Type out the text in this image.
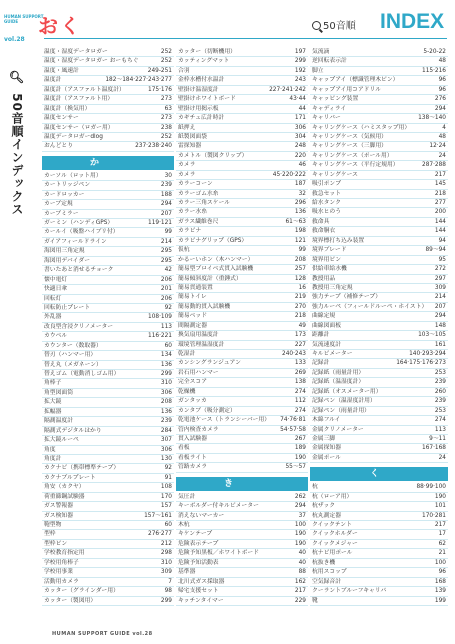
HUMAN SUPPORT GUIDE
vol.28
🔍︎ 50音順インデックス
おく	50音順 INDEX
温度・湿度データロガー	252
温度・湿度データロガー おーもちぐ	252
温度・風速計	249-251
温度計	182〜184·227·243·277
温度計（アスファルト温度計）	175·176
温度計（アスファルト用）	273
温度計（換気用）	63
温度センサー	273
温度センサー（ロガー用）	238
温度データロガーdlog	252
おんどとり	237·238·240
か
カーソル（ロット用）	30
カートリッジペン	239
カードロッカー	188
カーブ定規	294
カーブミラー	207
ガーミン（ハンディGPS）	119·121
カールイ（吸盤ハイブリ付）	99
ガイアフィールドライン	214
海図用三角定規	295
海図用デバイダー	295
書いたあと消せるチョーク	42
懐中電灯	206
快適日傘	201
回転灯	206
回転防止プレート	92
外乱器	108·109
改良型含浸クリノメーター	113
カウベル	116·221
カウンター（数取器）	60
替刃（ハンマー用）	134
替え丸（メガネーン）	136
替えゴム（電動消しゴム用）	299
角棒子	310
角型図面筒	306
拡大鏡	208
拡幅器	136
隔測温度計	239
隔測式デジタルはかり	284
拡大鏡ルーペ	307
角度	306
角度計	130
カクナビ（携帯標準テープ）	92
カクナブルプレート	91
角安（カクヤ）	108
荷重篩鋼試験器	170
ガス警報器	157
ガス検知器	157〜161
鞄型物	60
型枠	276·277
型枠ピン	212
学校教育指定用	298
学校用角棒子	310
学校用事業	309
活動用カメラ	7
カッター（グラインダー用）	98
カッター（製図用）	299
カッター（切断機用）	197
カッティングマット	299
合羽	192
金枠水槽付水温計	243
壁掛け温湿度計	227·241·242
壁掛けホワイトボード	43·44
壁掛け用掲示板	44
カギチェ広計時計	171
紙押え	306
紙製図面袋	304
雷探知器	248
カメトル（製図クリップ）	220
カメラ	46
カメラ	45·220·222
カラーコーン	187
カラーゴム水糸	32
カラー三角スケール	296
カラー水糸	136
ガラス繊維巻尺	61〜63
カラビナ	198
カラビナグリップ（GPS）	121
仮杭	99
かるーいホン（木ハンマー）	208
簡易型ブロイベ式貫入試験機	257
簡易傾斜度計（重錘式）	128
簡易貫通装置	16
簡易トイレ	219
簡易動的貫入試験機	270
簡易ベッド	218
間隔測定器	49
換気扇用温度計	173
環境管理温湿度計	227
乾湿計	240·243
カンシングランジュアン	133
岩石用ハンマー	269
完全スコア	138
乾燥機	274
ガンタッカ	112
カンタブ（吸分測定）	274
乾電池ケース（トランシーバー用） 74·76·81
管内検査カメラ	54·57·58
貫入試験器	267
看板	189
看板ライト	190
管路カメラ	55〜57
き
気圧計	262
キーボルダー付キルビメーター	294
消えないマーカー	37
木杭	100
キケンテープ	190
危険表示テープ	190
危険予知黒板／ホワイトボード	40
危険予知活動表	40
基準器	88
北川式ガス採取器	162
帰宅支援セット	217
キッチンタイマー	229
気流滴	5-20-22
逆回転表示計	48
脚立	115·216
キャップアイ（標識管理木ピン）	96
キャップアイ用コアドリル	96
キャッピング装置	276
キャディライ	294
キャリバー	138〜140
キャリングケース（ハミスタップ用）	4
キャリングケース（気候用）	48
キャリングケース（三脚用）	12·24
キャリングケース（ポール用）	24
キャリングケース（平行定規用）	287·288
キャリングケース	217
吸引ポンプ	145
救急セット	218
給水タンク	277
吸水ヒのう	200
救命具	144
救命胴衣	144
境界標打ち込み装置	94
境界ブレード	89〜94
境界用ピン	95
供給車給水機	272
教授用品	297
教授用三角定規	309
強力テープ（補修テープ）	214
強力ルーペ（フィールドルーペ・ホイスト） 207
曲線定規	294
曲線図面板	148
距離計	103〜105
気流速度計	161
キルビメーター	140·293·294
記録計	164·175·176·273
記録紙（雨量計用）	253
記録紙（温湿度計）	239
記録紙（オスメーター用）	260
記録ペン（温湿度計用）	239
記録ペン（雨量計用）	253
木綿フルイ	274
金属クリノメーター	113
金属三脚	9〜11
金属探知器	167·168
金属ポール	24
く
杭	88·99·100
杭（ローア用）	190
杭ザック	101
杭丸測定器	170·281
クイックテント	217
クイックホルダー	17
クイックメジャー	62
杭ナビ用ポール	21
杭抜き機	100
杭用スコップ	96
空気録音計	168
クーラントブルーフキャリパ	139
靴	199
HUMAN SUPPORT GUIDE vol.28
